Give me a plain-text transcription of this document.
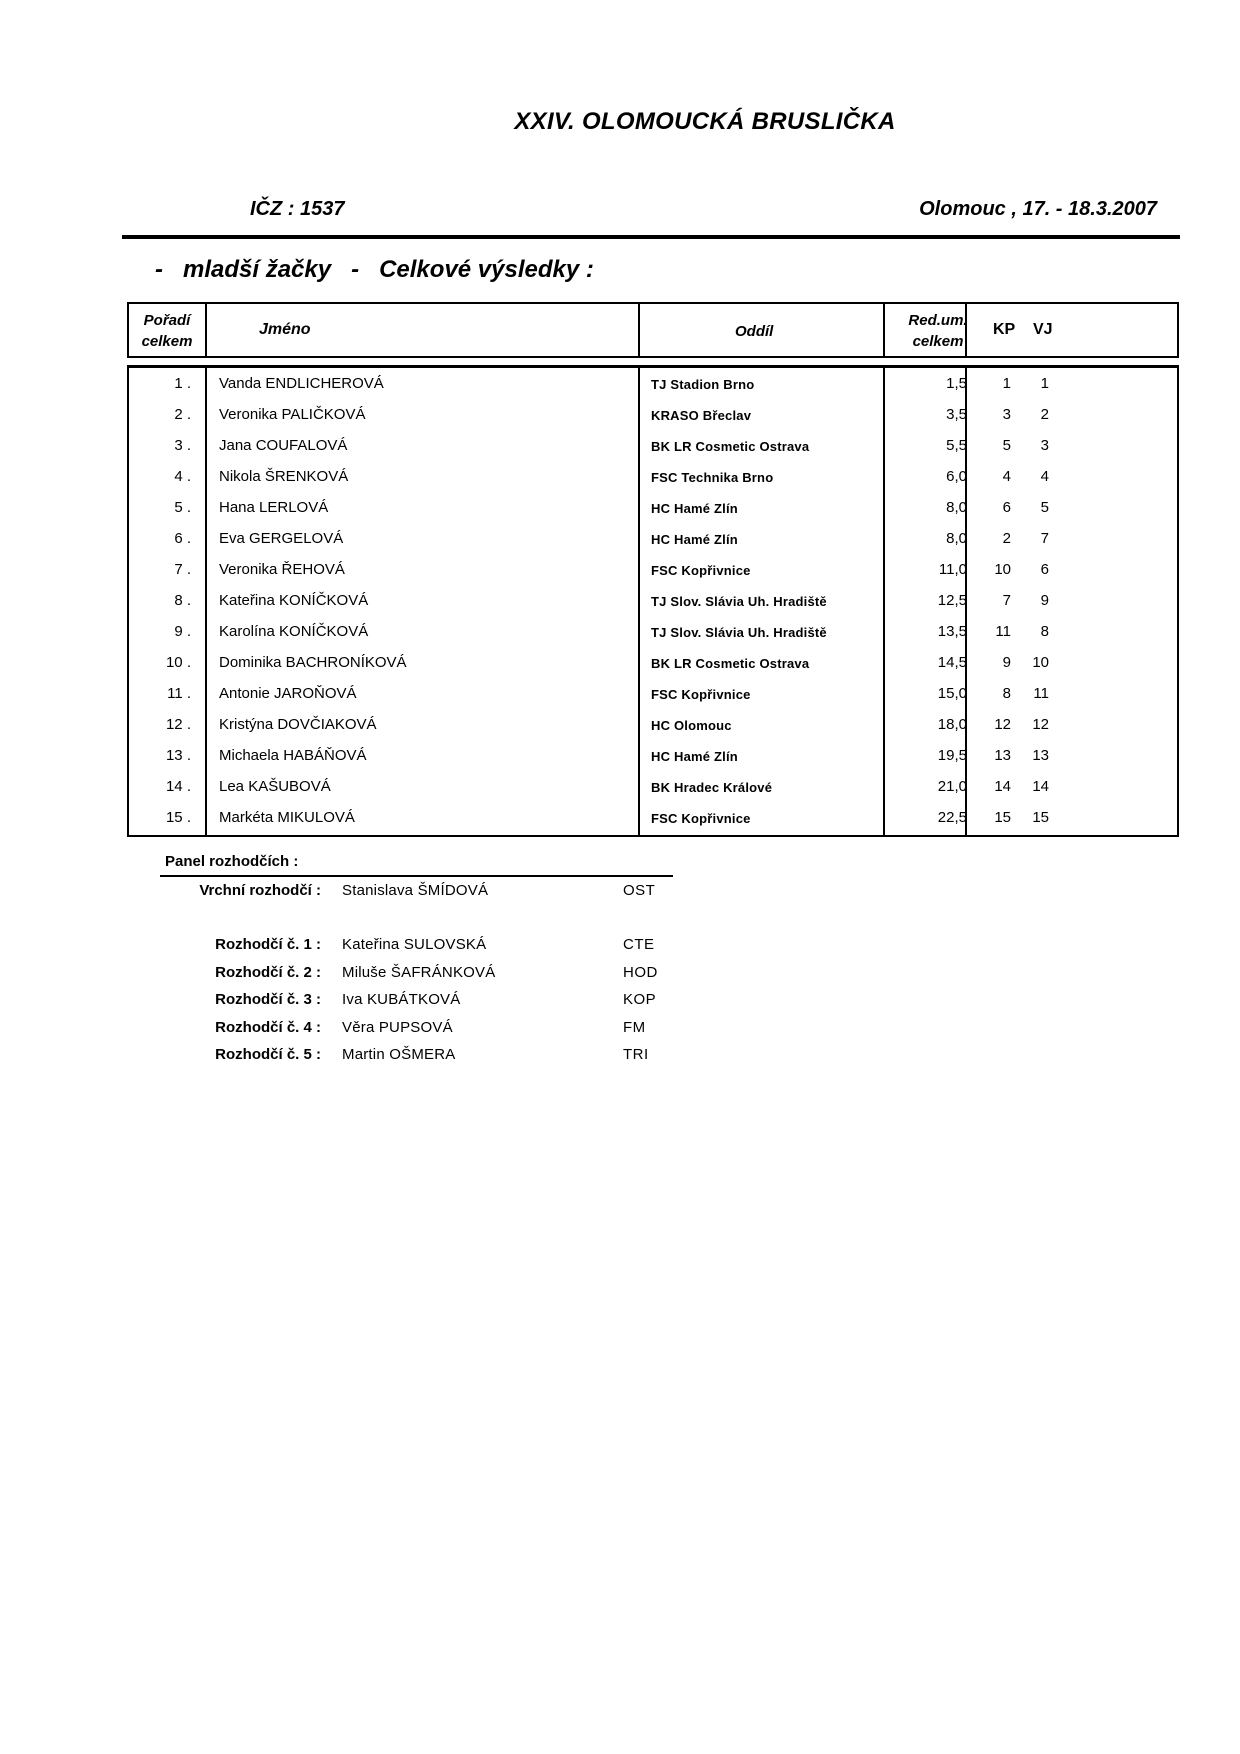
XXIV. OLOMOUCKÁ BRUSLIČKA
IČZ : 1537	Olomouc , 17. - 18.3.2007
-   mladší žačky   -   Celkové výsledky :
Pořadí
celkem
Jméno	Oddíl
Red.um.
celkem
KP VJ
1 . Vanda ENDLICHEROVÁ	TJ Stadion Brno	1,5	1	1
2 . Veronika PALIČKOVÁ	KRASO Břeclav	3,5	3	2
3 . Jana COUFALOVÁ	BK LR Cosmetic Ostrava	5,5	5	3
4 . Nikola ŠRENKOVÁ	FSC Technika Brno	6,0	4	4
5 . Hana LERLOVÁ	HC Hamé Zlín	8,0	6	5
6 . Eva GERGELOVÁ	HC Hamé Zlín	8,0	2	7
7 . Veronika ŘEHOVÁ	FSC Kopřivnice	11,0	10	6
8 . Kateřina KONÍČKOVÁ	TJ Slov. Slávia Uh. Hradiště	12,5	7	9
9 . Karolína KONÍČKOVÁ	TJ Slov. Slávia Uh. Hradiště	13,5	11	8
10 . Dominika BACHRONÍKOVÁ	BK LR Cosmetic Ostrava	14,5	9	10
11 . Antonie JAROŇOVÁ	FSC Kopřivnice	15,0	8	11
12 . Kristýna DOVČIAKOVÁ	HC Olomouc	18,0	12	12
13 . Michaela HABÁŇOVÁ	HC Hamé Zlín	19,5	13	13
14 . Lea KAŠUBOVÁ	BK Hradec Králové	21,0	14	14
15 . Markéta MIKULOVÁ	FSC Kopřivnice	22,5	15	15
Panel rozhodčích :
Vrchní rozhodčí : Stanislava ŠMÍDOVÁ	OST
Rozhodčí č. 1 : Kateřina SULOVSKÁ	CTE
Rozhodčí č. 2 : Miluše ŠAFRÁNKOVÁ	HOD
Rozhodčí č. 3 : Iva KUBÁTKOVÁ	KOP
Rozhodčí č. 4 : Věra PUPSOVÁ	FM
Rozhodčí č. 5 : Martin OŠMERA	TRI
